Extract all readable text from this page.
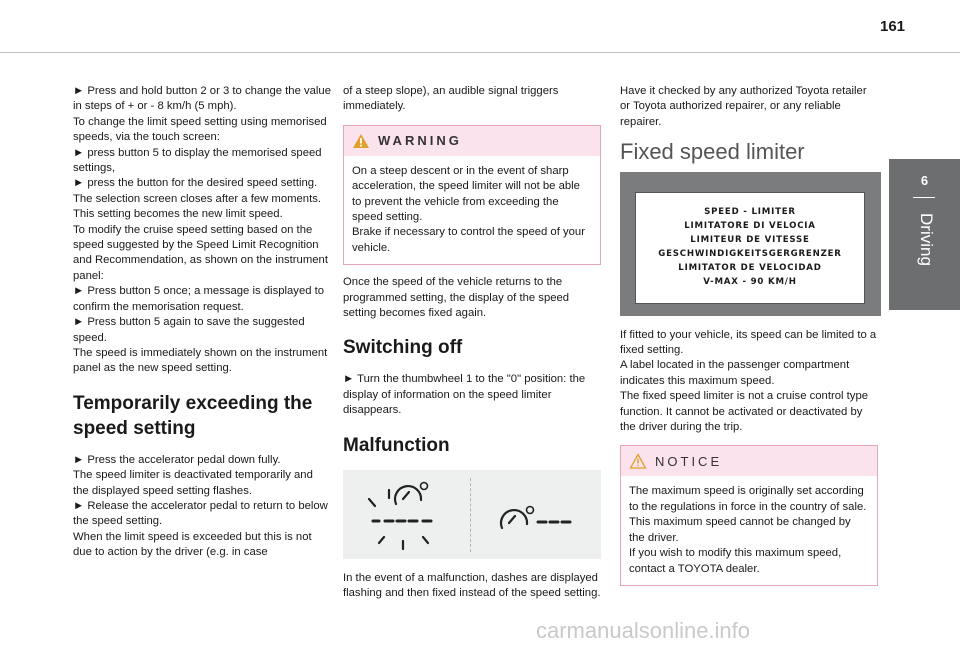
161
6
Driving

► Press and hold button 2 or 3 to change the value in steps of + or - 8 km/h (5 mph).

To change the limit speed setting using memorised speeds, via the touch screen:

► press button 5 to display the memorised speed settings,

► press the button for the desired speed setting.

The selection screen closes after a few moments.

This setting becomes the new limit speed.

To modify the cruise speed setting based on the speed suggested by the Speed Limit Recognition and Recommendation, as shown on the instrument panel:

► Press button 5 once; a message is displayed to confirm the memorisation request.

► Press button 5 again to save the suggested speed.

The speed is immediately shown on the instrument panel as the new speed setting.

Temporarily exceeding the speed setting

► Press the accelerator pedal down fully.

The speed limiter is deactivated temporarily and the displayed speed setting flashes.

► Release the accelerator pedal to return to below the speed setting.

When the limit speed is exceeded but this is not due to action by the driver (e.g. in case

of a steep slope), an audible signal triggers immediately.

WARNING

On a steep descent or in the event of sharp acceleration, the speed limiter will not be able to prevent the vehicle from exceeding the speed setting.

Brake if necessary to control the speed of your vehicle.

Once the speed of the vehicle returns to the programmed setting, the display of the speed setting becomes fixed again.

Switching off

► Turn the thumbwheel 1 to the "0" position: the display of information on the speed limiter disappears.

Malfunction

In the event of a malfunction, dashes are displayed flashing and then fixed instead of the speed setting.

Have it checked by any authorized Toyota retailer or Toyota authorized repairer, or any reliable repairer.

Fixed speed limiter
SPEED - LIMITER
LIMITATORE DI VELOCIA
LIMITEUR DE VITESSE
GESCHWINDIGKEITSGERGRENZER
LIMITATOR DE VELOCIDAD
V-MAX - 90 KM/H

If fitted to your vehicle, its speed can be limited to a fixed setting.

A label located in the passenger compartment indicates this maximum speed.

The fixed speed limiter is not a cruise control type function. It cannot be activated or deactivated by the driver during the trip.

NOTICE

The maximum speed is originally set according to the regulations in force in the country of sale.

This maximum speed cannot be changed by the driver.

If you wish to modify this maximum speed, contact a TOYOTA dealer.

carmanualsonline.info
